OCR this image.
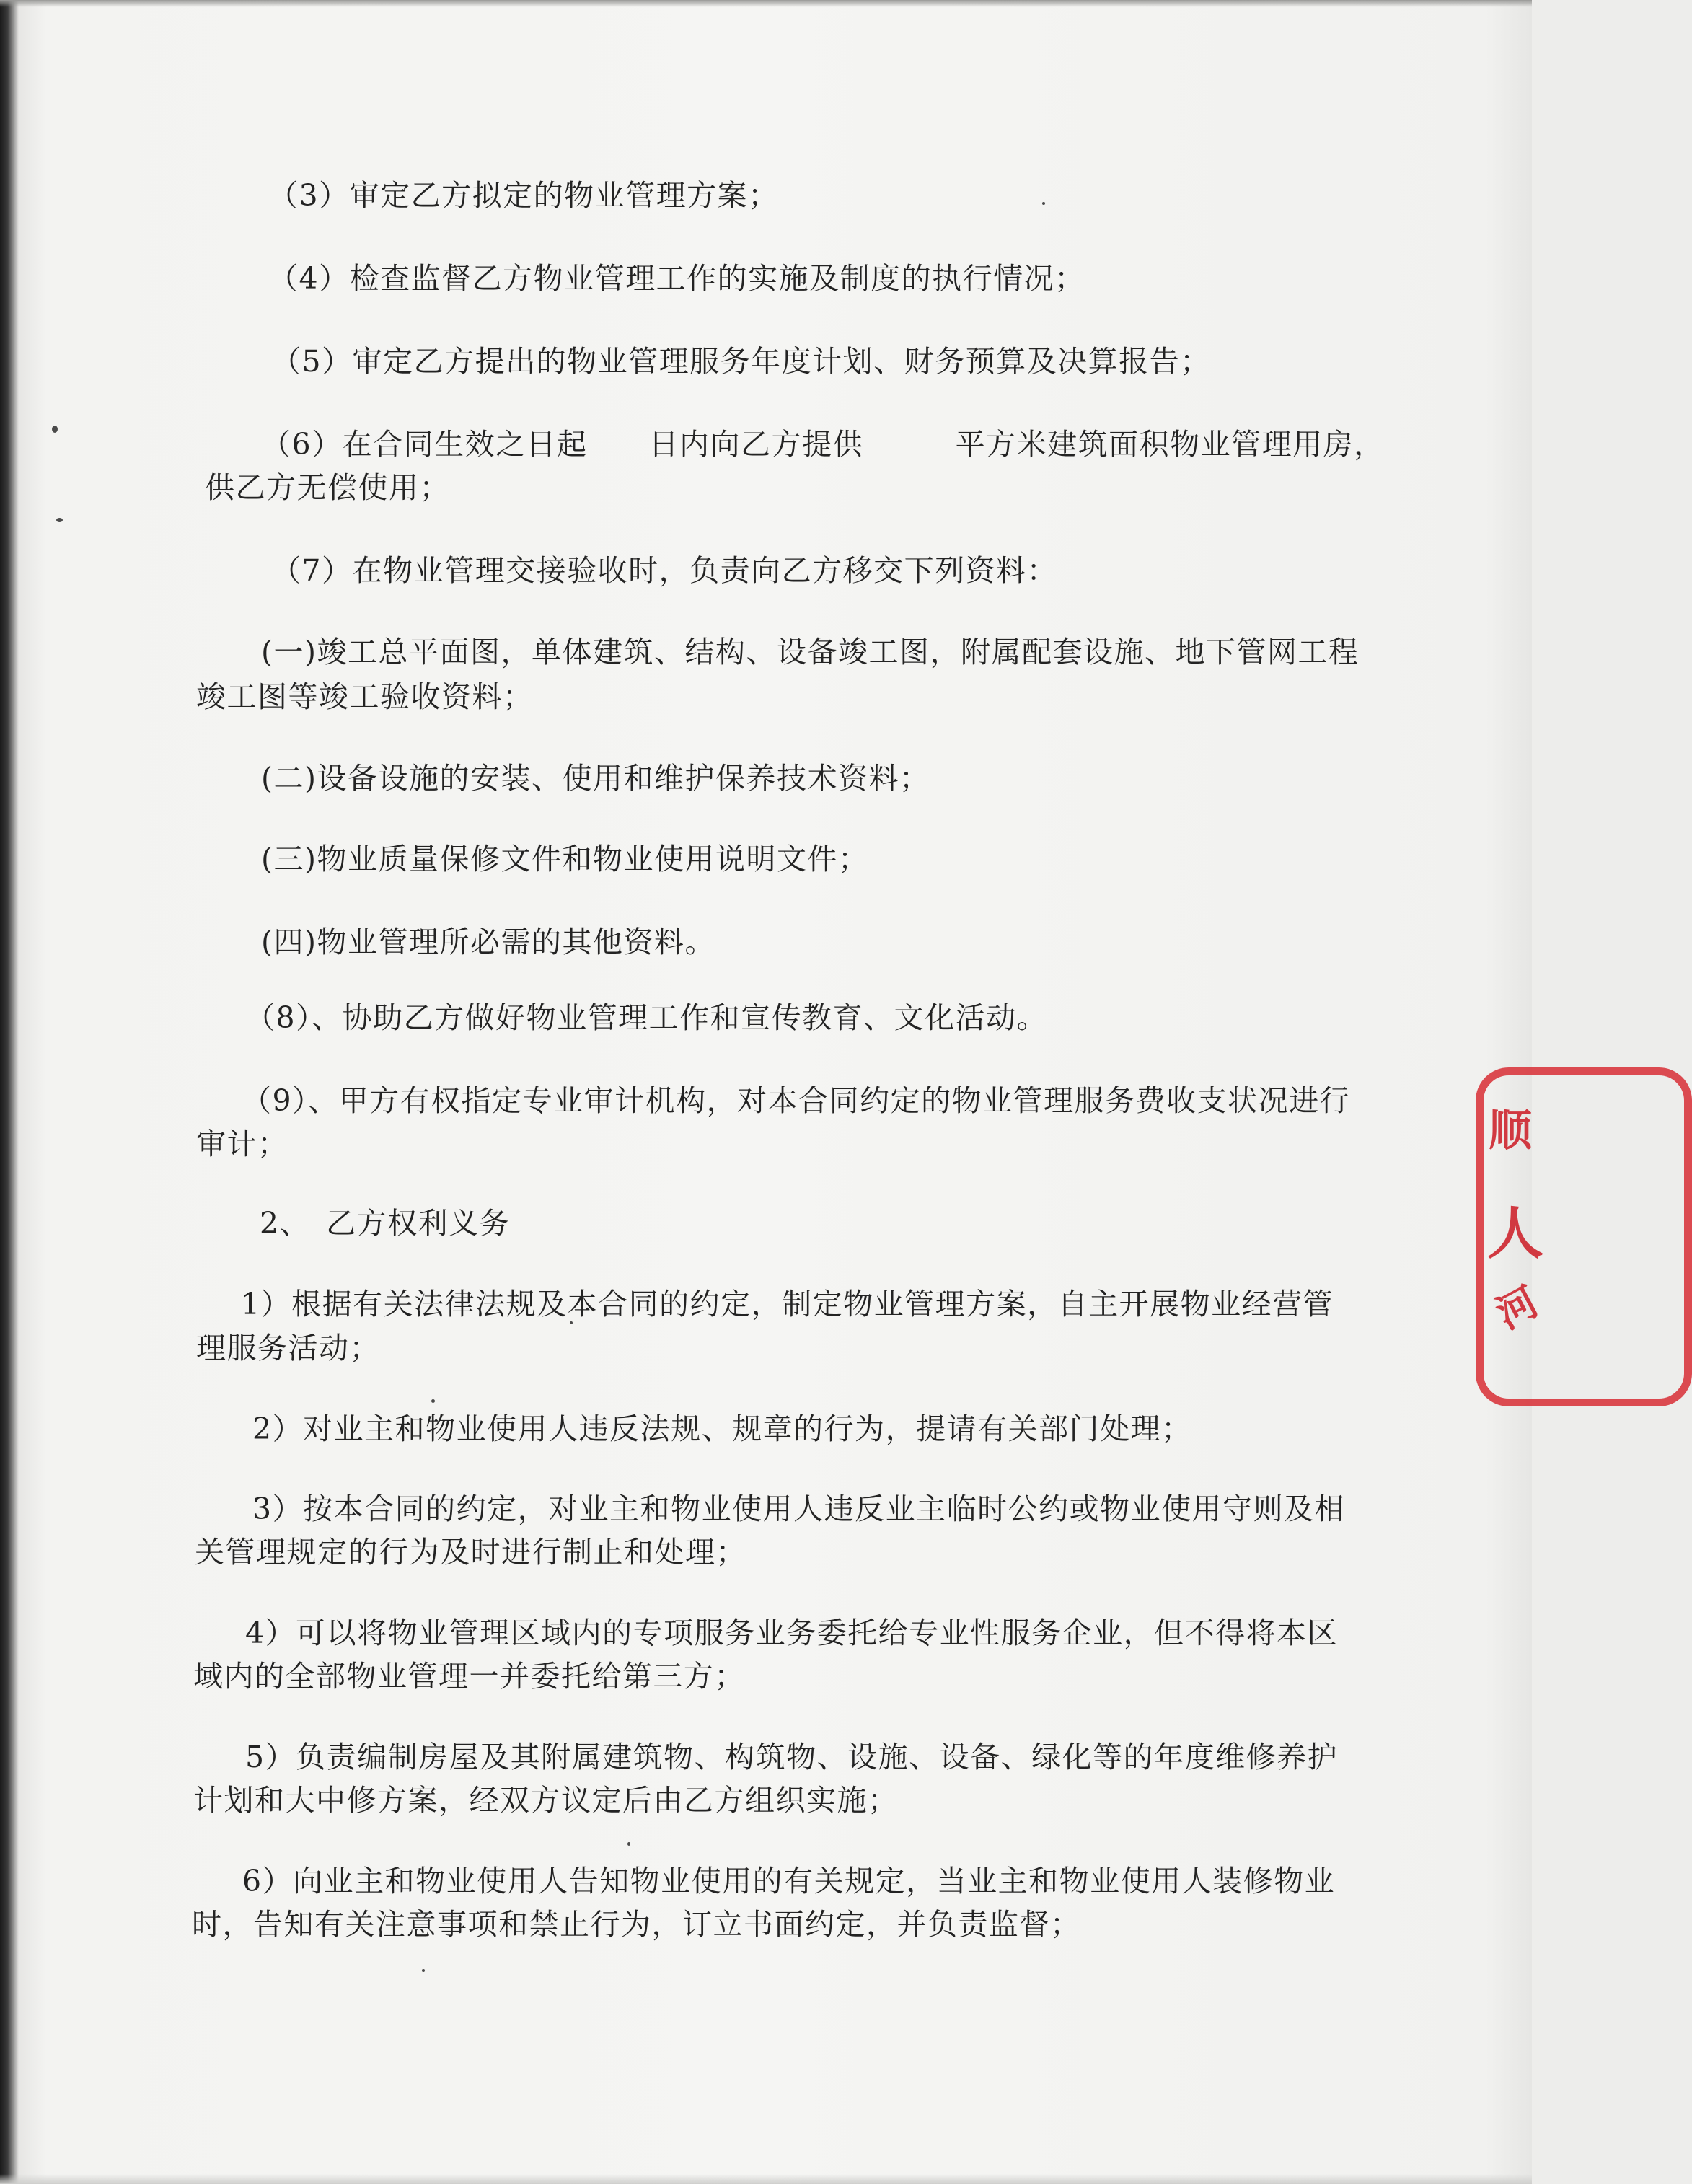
（3）审定乙方拟定的物业管理方案；

（4）检查监督乙方物业管理工作的实施及制度的执行情况；

（5）审定乙方提出的物业管理服务年度计划、财务预算及决算报告；

（6）在合同生效之日起　　日内向乙方提供　　　平方米建筑面积物业管理用房，

供乙方无偿使用；

（7）在物业管理交接验收时，负责向乙方移交下列资料：

(一)竣工总平面图，单体建筑、结构、设备竣工图，附属配套设施、地下管网工程

竣工图等竣工验收资料；

(二)设备设施的安装、使用和维护保养技术资料；

(三)物业质量保修文件和物业使用说明文件；

(四)物业管理所必需的其他资料。

（8）、协助乙方做好物业管理工作和宣传教育、文化活动。

（9）、甲方有权指定专业审计机构，对本合同约定的物业管理服务费收支状况进行

审计；

2、　乙方权利义务

1）根据有关法律法规及本合同的约定，制定物业管理方案，自主开展物业经营管

理服务活动；

2）对业主和物业使用人违反法规、规章的行为，提请有关部门处理；

3）按本合同的约定，对业主和物业使用人违反业主临时公约或物业使用守则及相

关管理规定的行为及时进行制止和处理；

4）可以将物业管理区域内的专项服务业务委托给专业性服务企业，但不得将本区

域内的全部物业管理一并委托给第三方；

5）负责编制房屋及其附属建筑物、构筑物、设施、设备、绿化等的年度维修养护

计划和大中修方案，经双方议定后由乙方组织实施；

6）向业主和物业使用人告知物业使用的有关规定，当业主和物业使用人装修物业

时，告知有关注意事项和禁止行为，订立书面约定，并负责监督；

顺
人
河
